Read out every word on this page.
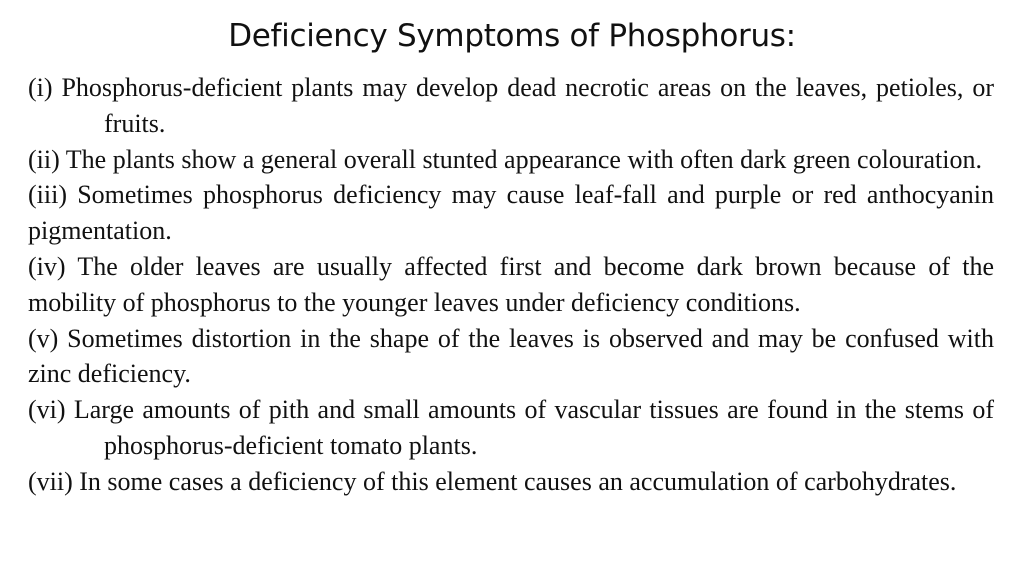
Deficiency Symptoms of Phosphorus:

(i) Phosphorus-deficient plants may develop dead necrotic areas on the leaves, petioles, or fruits.

(ii) The plants show a general overall stunted appearance with often dark green colouration.

(iii) Sometimes phosphorus deficiency may cause leaf-fall and purple or red anthocyanin pigmentation.

(iv) The older leaves are usually affected first and become dark brown because of the mobility of phosphorus to the younger leaves under deficiency conditions.

(v) Sometimes distortion in the shape of the leaves is observed and may be confused with zinc deficiency.

(vi) Large amounts of pith and small amounts of vascular tissues are found in the stems of phosphorus-deficient tomato plants.

(vii) In some cases a deficiency of this element causes an accumulation of carbohydrates.
